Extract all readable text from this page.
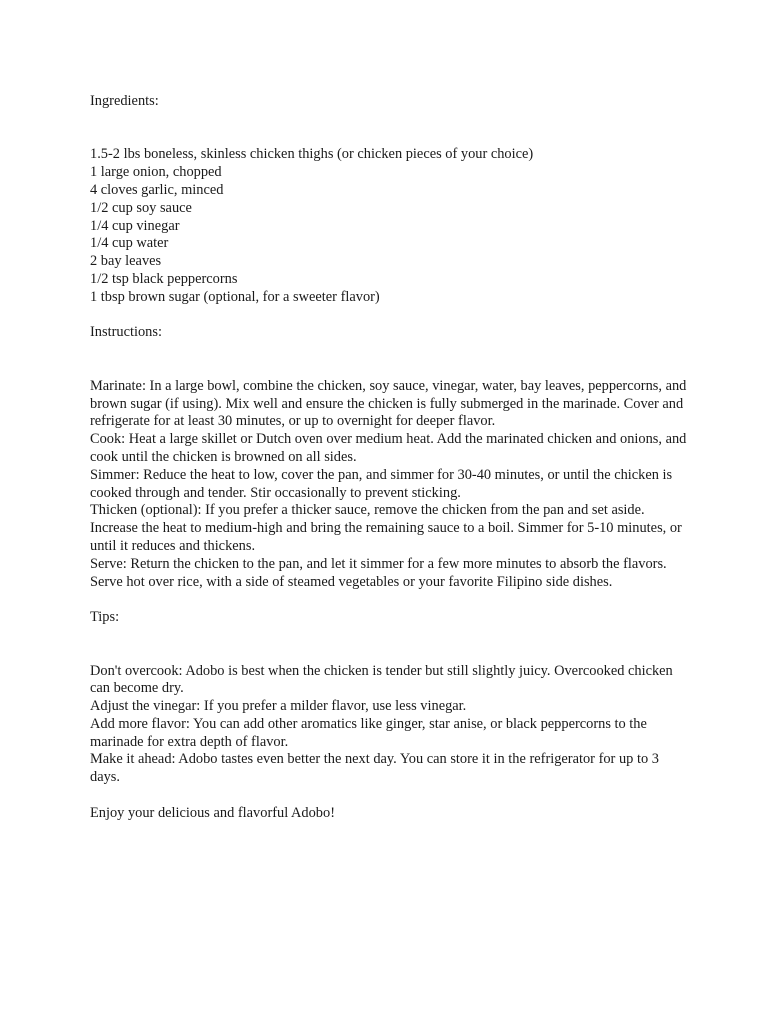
Ingredients:

1.5-2 lbs boneless, skinless chicken thighs (or chicken pieces of your choice)

1 large onion, chopped

4 cloves garlic, minced

1/2 cup soy sauce

1/4 cup vinegar

1/4 cup water

2 bay leaves

1/2 tsp black peppercorns

1 tbsp brown sugar (optional, for a sweeter flavor)

Instructions:

Marinate: In a large bowl, combine the chicken, soy sauce, vinegar, water, bay leaves, peppercorns, and brown sugar (if using). Mix well and ensure the chicken is fully submerged in the marinade. Cover and refrigerate for at least 30 minutes, or up to overnight for deeper flavor.

Cook: Heat a large skillet or Dutch oven over medium heat. Add the marinated chicken and onions, and cook until the chicken is browned on all sides.

Simmer: Reduce the heat to low, cover the pan, and simmer for 30-40 minutes, or until the chicken is cooked through and tender. Stir occasionally to prevent sticking.

Thicken (optional): If you prefer a thicker sauce, remove the chicken from the pan and set aside. Increase the heat to medium-high and bring the remaining sauce to a boil. Simmer for 5-10 minutes, or until it reduces and thickens.

Serve: Return the chicken to the pan, and let it simmer for a few more minutes to absorb the flavors. Serve hot over rice, with a side of steamed vegetables or your favorite Filipino side dishes.

Tips:

Don't overcook: Adobo is best when the chicken is tender but still slightly juicy. Overcooked chicken can become dry.

Adjust the vinegar: If you prefer a milder flavor, use less vinegar.

Add more flavor: You can add other aromatics like ginger, star anise, or black peppercorns to the marinade for extra depth of flavor.

Make it ahead: Adobo tastes even better the next day. You can store it in the refrigerator for up to 3 days.

Enjoy your delicious and flavorful Adobo!
